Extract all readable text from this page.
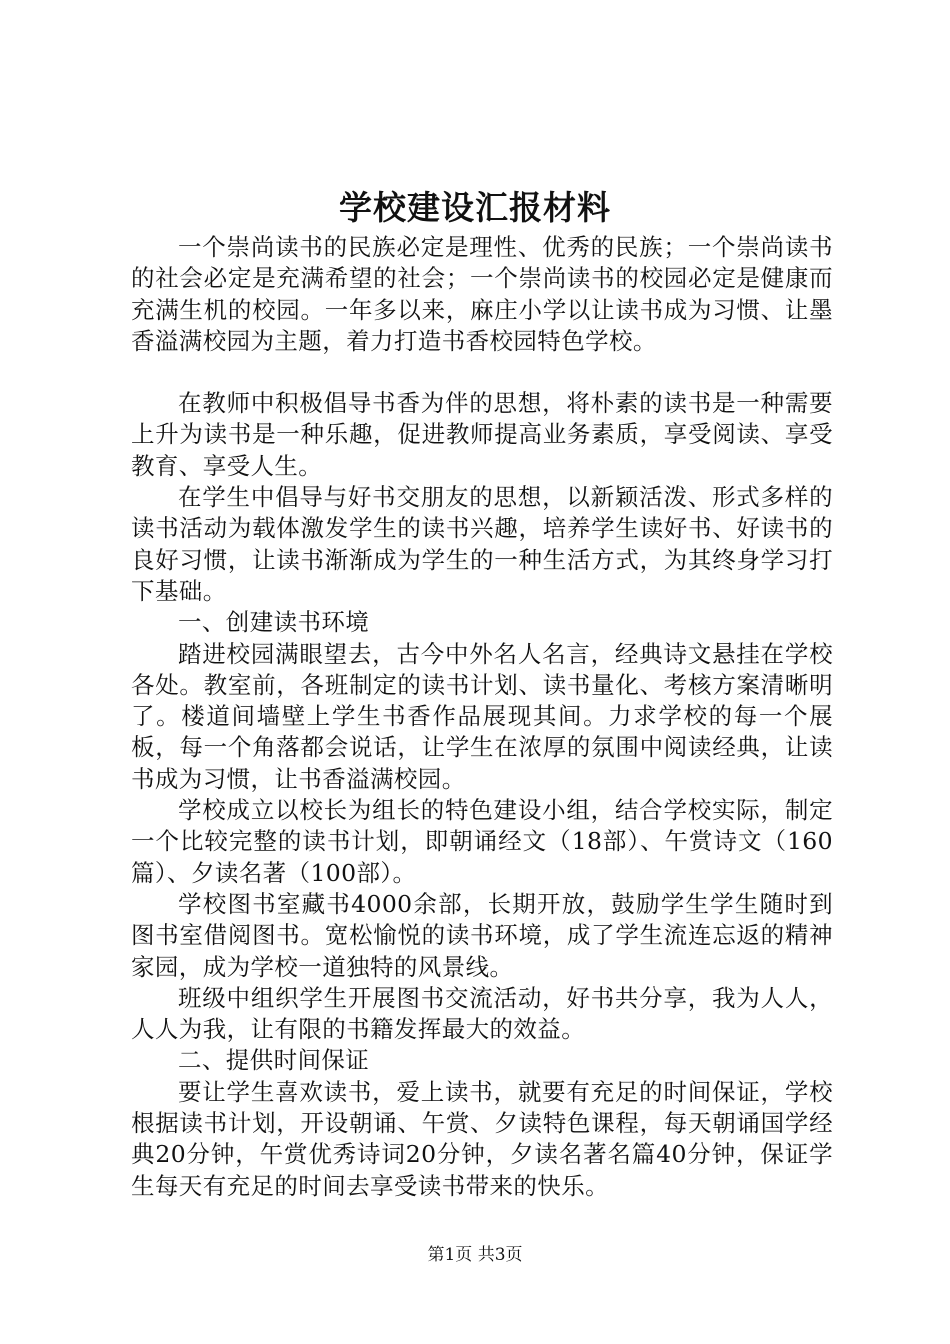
学校建设汇报材料

一个崇尚读书的民族必定是理性、优秀的民族；一个崇尚读书的社会必定是充满希望的社会；一个崇尚读书的校园必定是健康而充满生机的校园。一年多以来，麻庄小学以让读书成为习惯、让墨香溢满校园为主题，着力打造书香校园特色学校。

在教师中积极倡导书香为伴的思想，将朴素的读书是一种需要上升为读书是一种乐趣，促进教师提高业务素质，享受阅读、享受教育、享受人生。

在学生中倡导与好书交朋友的思想，以新颖活泼、形式多样的读书活动为载体激发学生的读书兴趣，培养学生读好书、好读书的良好习惯，让读书渐渐成为学生的一种生活方式，为其终身学习打下基础。

一、创建读书环境

踏进校园满眼望去，古今中外名人名言，经典诗文悬挂在学校各处。教室前，各班制定的读书计划、读书量化、考核方案清晰明了。楼道间墙壁上学生书香作品展现其间。力求学校的每一个展板，每一个角落都会说话，让学生在浓厚的氛围中阅读经典，让读书成为习惯，让书香溢满校园。

学校成立以校长为组长的特色建设小组，结合学校实际，制定一个比较完整的读书计划，即朝诵经文（18部）、午赏诗文（160篇）、夕读名著（100部）。

学校图书室藏书4000余部，长期开放，鼓励学生学生随时到图书室借阅图书。宽松愉悦的读书环境，成了学生流连忘返的精神家园，成为学校一道独特的风景线。

班级中组织学生开展图书交流活动，好书共分享，我为人人，人人为我，让有限的书籍发挥最大的效益。

二、提供时间保证

要让学生喜欢读书，爱上读书，就要有充足的时间保证，学校根据读书计划，开设朝诵、午赏、夕读特色课程，每天朝诵国学经典20分钟，午赏优秀诗词20分钟，夕读名著名篇40分钟，保证学生每天有充足的时间去享受读书带来的快乐。

第1页 共3页
